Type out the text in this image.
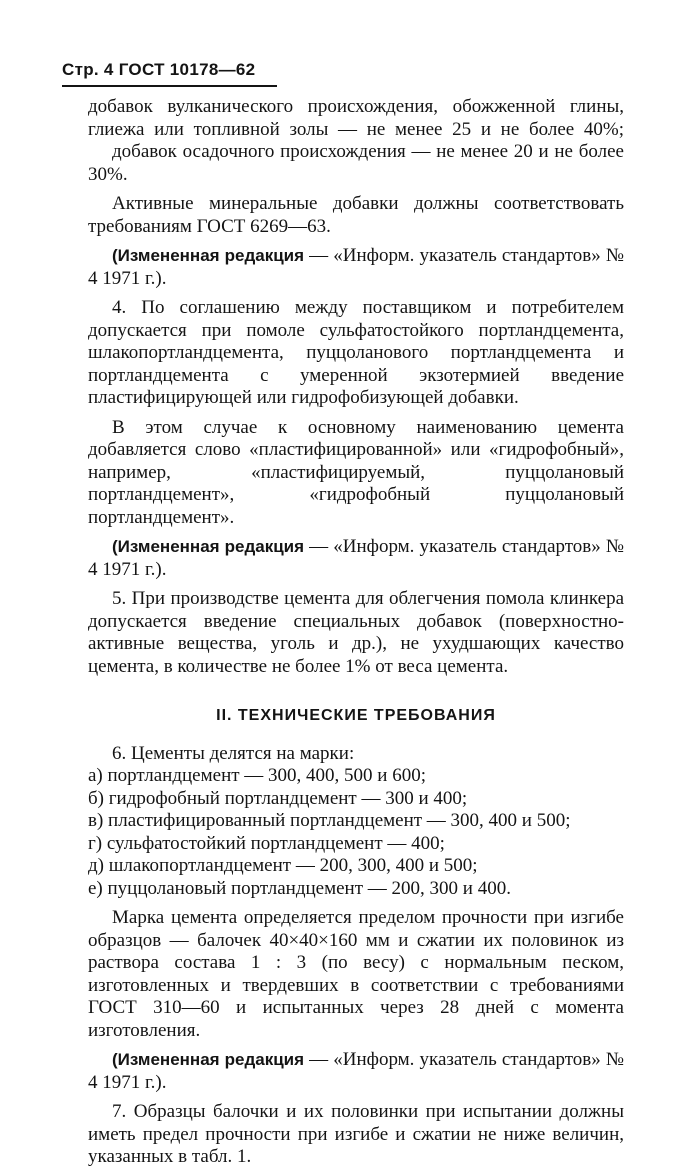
Стр. 4 ГОСТ 10178—62

добавок вулканического происхождения, обожженной глины,
глиежа или топливной золы — не менее 25 и не более 40%;

добавок осадочного происхождения — не менее 20 и не более 30%.

Активные минеральные добавки должны соответствовать требованиям ГОСТ 6269—63.

(Измененная редакция — «Информ. указатель стандартов» № 4 1971 г.).

4. По соглашению между поставщиком и потребителем допускается при помоле сульфатостойкого портландцемента, шлакопортландцемента, пуццоланового портландцемента и портландцемента с умеренной экзотермией введение пластифицирующей или гидрофобизующей добавки.

В этом случае к основному наименованию цемента добавляется слово «пластифицированной» или «гидрофобный», например, «пластифицируемый, пуццолановый портландцемент», «гидрофобный пуццолановый портландцемент».

(Измененная редакция — «Информ. указатель стандартов» № 4 1971 г.).

5. При производстве цемента для облегчения помола клинкера допускается введение специальных добавок (поверхностно-активные вещества, уголь и др.), не ухудшающих качество цемента, в количестве не более 1% от веса цемента.

II. ТЕХНИЧЕСКИЕ ТРЕБОВАНИЯ

6. Цементы делятся на марки:

а) портландцемент — 300, 400, 500 и 600;

б) гидрофобный портландцемент — 300 и 400;

в) пластифицированный портландцемент — 300, 400 и 500;

г) сульфатостойкий портландцемент — 400;

д) шлакопортландцемент — 200, 300, 400 и 500;

е) пуццолановый портландцемент — 200, 300 и 400.

Марка цемента определяется пределом прочности при изгибе образцов — балочек 40×40×160 мм и сжатии их половинок из раствора состава 1 : 3 (по весу) с нормальным песком, изготовленных и твердевших в соответствии с требованиями ГОСТ 310—60 и испытанных через 28 дней с момента изготовления.

(Измененная редакция — «Информ. указатель стандартов» № 4 1971 г.).

7. Образцы балочки и их половинки при испытании должны иметь предел прочности при изгибе и сжатии не ниже величин, указанных в табл. 1.
